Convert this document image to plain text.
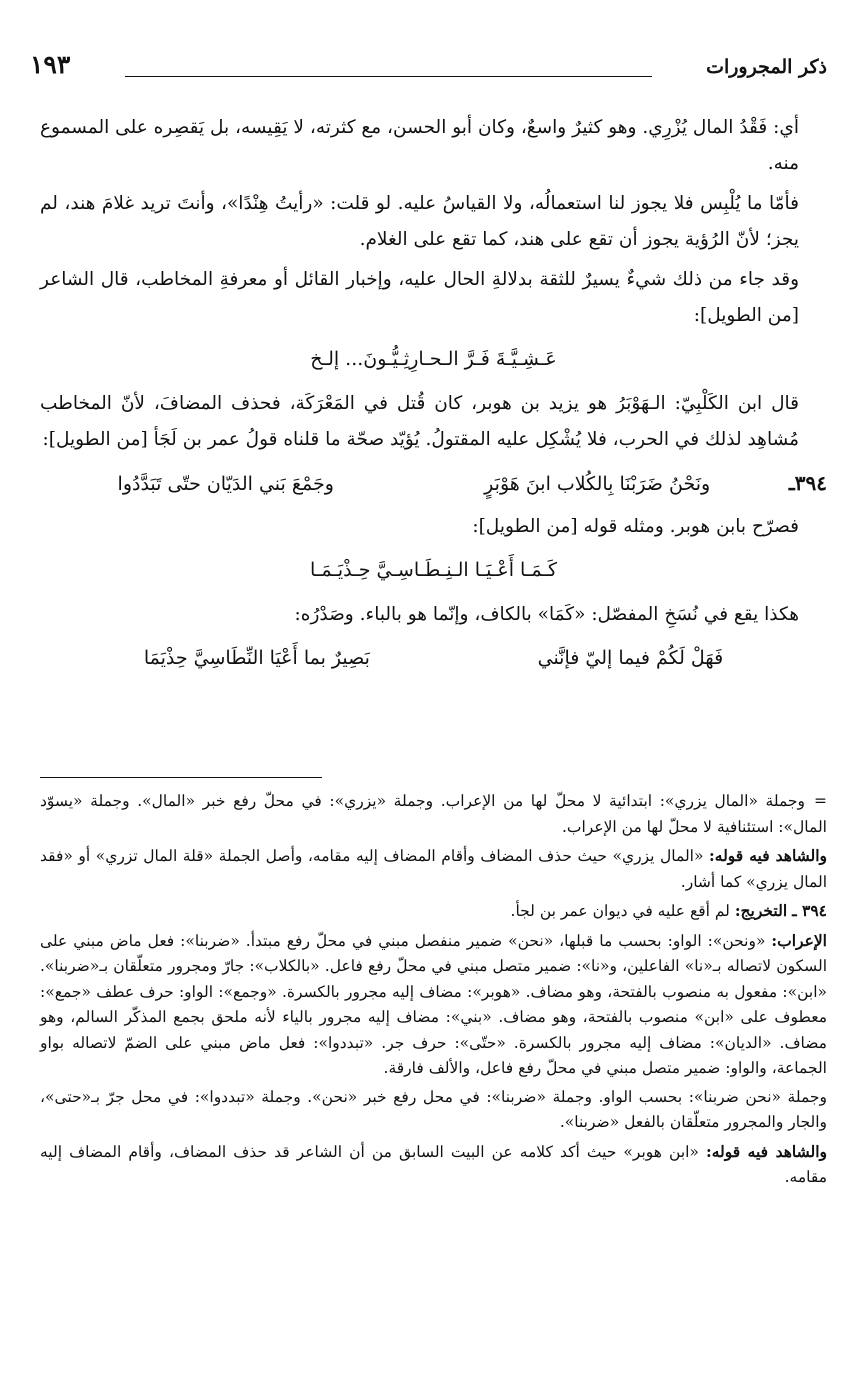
ذكر المجرورات
١٩٣

أي: فَقْدُ المال يُزْرِي. وهو كثيرٌ واسعٌ، وكان أبو الحسن، مع كثرته، لا يَقِيسه، بل يَقصِره على المسموع منه.

فأمّا ما يُلْبِس فلا يجوز لنا استعمالُه، ولا القياسُ عليه. لو قلت: «رأيتُ هِنْدًا»، وأنتَ تريد غلامَ هند، لم يجز؛ لأنّ الرُؤية يجوز أن تقع على هند، كما تقع على الغلام.

وقد جاء من ذلك شيءٌ يسيرٌ للثقة بدلالةِ الحال عليه، وإخبار القائل أو معرفةِ المخاطب، قال الشاعر [من الطويل]:

عَـشِـيَّـةَ فَـرَّ الـحـارِثِـيُّـونَ... إلـخ

قال ابن الكَلْبِيّ: الـهَوْبَرُ هو يزيد بن هوبر، كان قُتل في المَعْرَكَة، فحذف المضافَ، لأنّ المخاطب مُشاهِد لذلك في الحرب، فلا يُشْكِل عليه المقتولُ. يُؤيّد صحّة ما قلناه قولُ عمر بن لَجَأ [من الطويل]:

٣٩٤ـ
ونَحْنُ ضَرَبْنَا بِالكُلاب ابنَ هَوْبَرٍ
وجَمْعَ بَني الدَيّان حتّى تَبَدَّدُوا

فصرّح بابن هوبر. ومثله قوله [من الطويل]:

كَـمَـا أَعْـيَـا الـنِـطَـاسِـيَّ حِـذْيَـمَـا

هكذا يقع في نُسَخِ المفصّل: «كَمَا» بالكاف، وإنّما هو بالباء. وصَدْرُه:

فَهَلْ لَكُمْ فيما إليّ فإنَّني
بَصِيرٌ بما أَعْيَا النِّطَاسِيَّ حِذْيَمَا

=وجملة «المال يزري»: ابتدائية لا محلّ لها من الإعراب. وجملة «يزري»: في محلّ رفع خبر «المال». وجملة «يسوّد المال»: استئنافية لا محلّ لها من الإعراب.

والشاهد فيه قوله: «المال يزري» حيث حذف المضاف وأقام المضاف إليه مقامه، وأصل الجملة «قلة المال تزري» أو «فقد المال يزري» كما أشار.

٣٩٤ ـ التخريج: لم أقع عليه في ديوان عمر بن لجأ.

الإعراب: «ونحن»: الواو: بحسب ما قبلها، «نحن» ضمير منفصل مبني في محلّ رفع مبتدأ. «ضربنا»: فعل ماض مبني على السكون لاتصاله بـ«نا» الفاعلين، و«نا»: ضمير متصل مبني في محلّ رفع فاعل. «بالكلاب»: جارّ ومجرور متعلّقان بـ«ضربنا». «ابن»: مفعول به منصوب بالفتحة، وهو مضاف. «هوبر»: مضاف إليه مجرور بالكسرة. «وجمع»: الواو: حرف عطف «جمع»: معطوف على «ابن» منصوب بالفتحة، وهو مضاف. «بني»: مضاف إليه مجرور بالياء لأنه ملحق بجمع المذكّر السالم، وهو مضاف. «الديان»: مضاف إليه مجرور بالكسرة. «حتّى»: حرف جر. «تبددوا»: فعل ماض مبني على الضمّ لاتصاله بواو الجماعة، والواو: ضمير متصل مبني في محلّ رفع فاعل، والألف فارقة.

وجملة «نحن ضربنا»: بحسب الواو. وجملة «ضربنا»: في محل رفع خبر «نحن». وجملة «تبددوا»: في محل جرّ بـ«حتى»، والجار والمجرور متعلّقان بالفعل «ضربنا».

والشاهد فيه قوله: «ابن هوبر» حيث أكد كلامه عن البيت السابق من أن الشاعر قد حذف المضاف، وأقام المضاف إليه مقامه.
